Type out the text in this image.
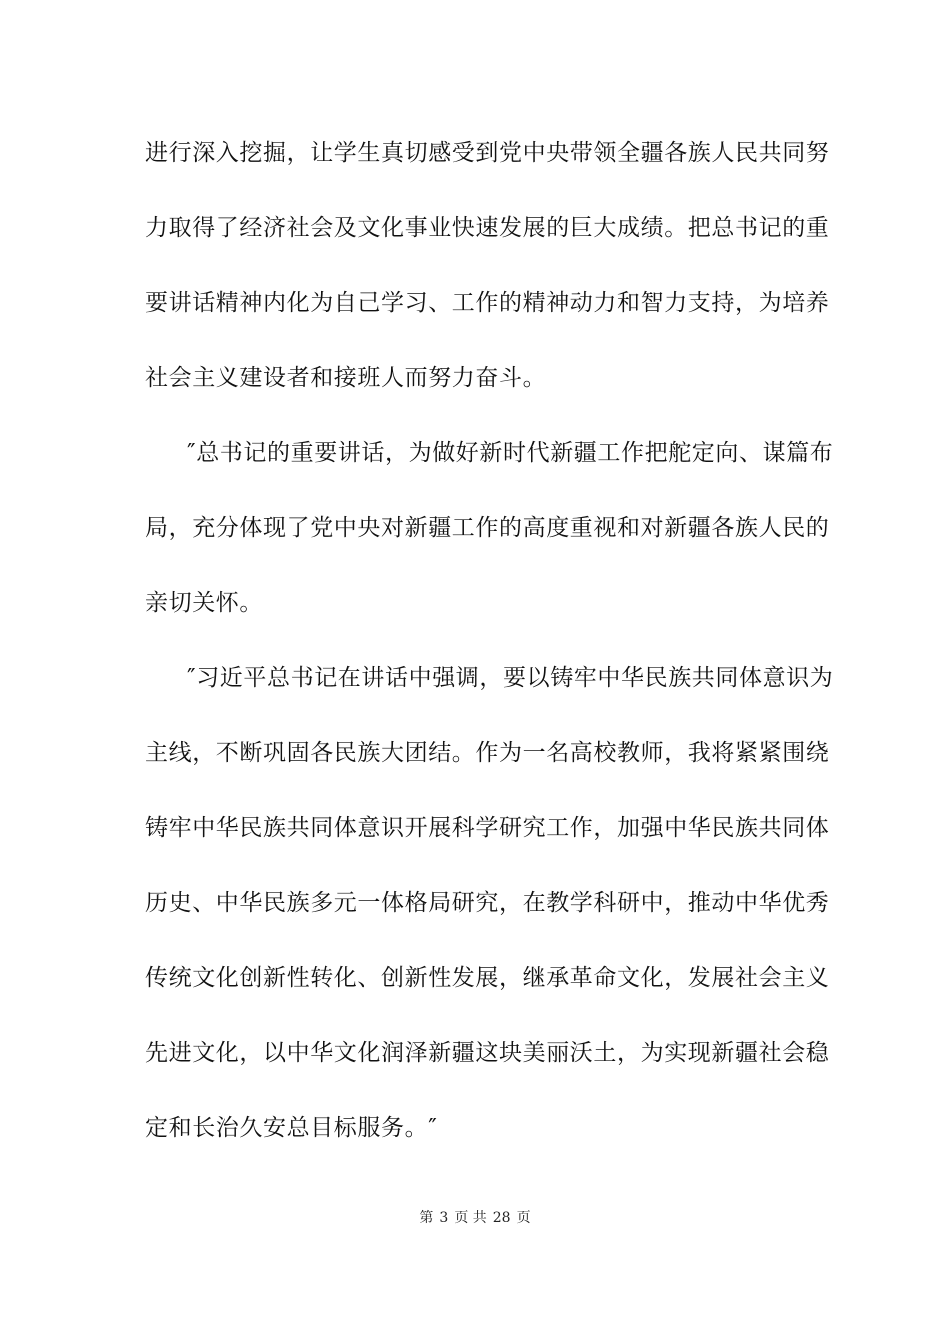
进行深入挖掘，让学生真切感受到党中央带领全疆各族人民共同努
力取得了经济社会及文化事业快速发展的巨大成绩。把总书记的重
要讲话精神内化为自己学习、工作的精神动力和智力支持，为培养
社会主义建设者和接班人而努力奋斗。
″总书记的重要讲话，为做好新时代新疆工作把舵定向、谋篇布
局，充分体现了党中央对新疆工作的高度重视和对新疆各族人民的
亲切关怀。
″习近平总书记在讲话中强调，要以铸牢中华民族共同体意识为
主线，不断巩固各民族大团结。作为一名高校教师，我将紧紧围绕
铸牢中华民族共同体意识开展科学研究工作，加强中华民族共同体
历史、中华民族多元一体格局研究，在教学科研中，推动中华优秀
传统文化创新性转化、创新性发展，继承革命文化，发展社会主义
先进文化，以中华文化润泽新疆这块美丽沃土，为实现新疆社会稳
定和长治久安总目标服务。″
第 3 页 共 28 页
